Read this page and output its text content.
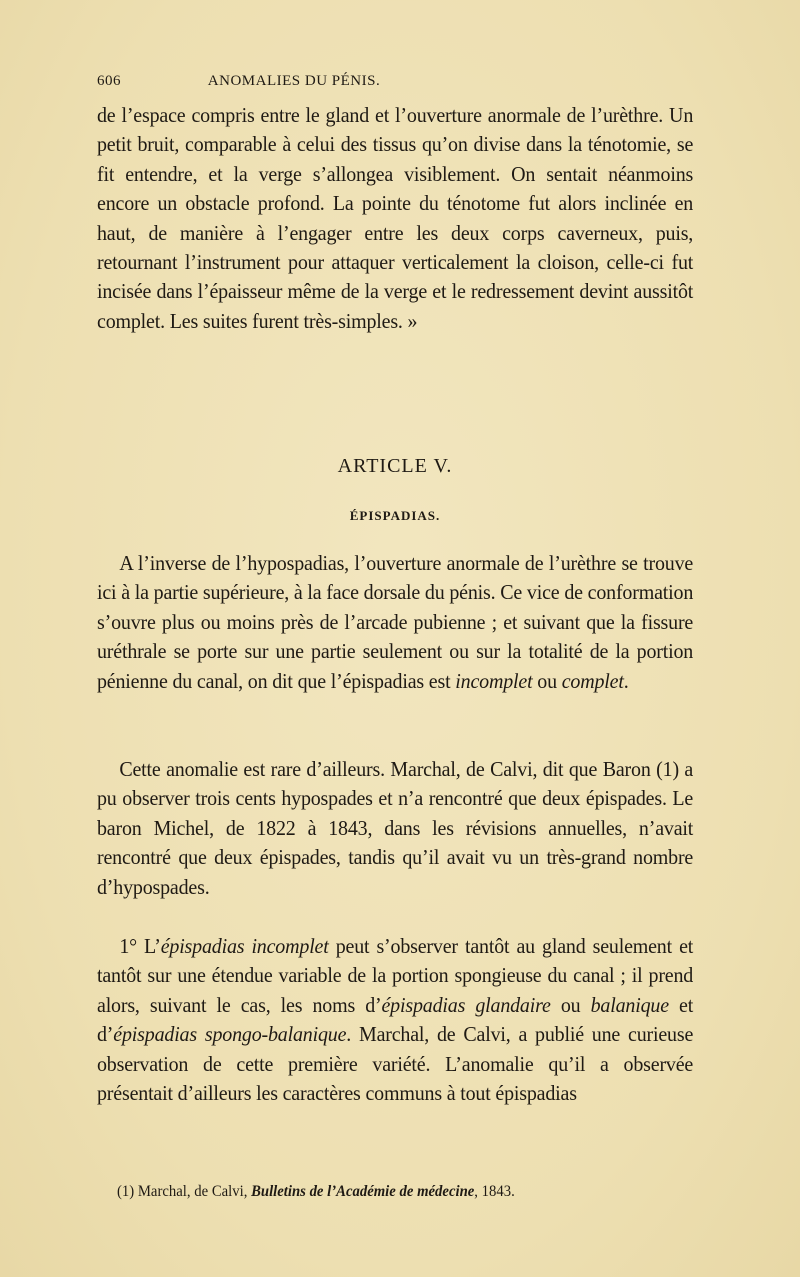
606	ANOMALIES DU PÉNIS.

de l’espace compris entre le gland et l’ouverture anormale de l’urèthre. Un petit bruit, comparable à celui des tissus qu’on divise dans la ténotomie, se fit entendre, et la verge s’allongea visiblement. On sentait néanmoins encore un obstacle profond. La pointe du ténotome fut alors inclinée en haut, de manière à l’engager entre les deux corps caverneux, puis, retournant l’instrument pour attaquer verticalement la cloison, celle-ci fut incisée dans l’épaisseur même de la verge et le redressement devint aussitôt complet. Les suites furent très-simples. »

ARTICLE V.
ÉPISPADIAS.

A l’inverse de l’hypospadias, l’ouverture anormale de l’urèthre se trouve ici à la partie supérieure, à la face dorsale du pénis. Ce vice de conformation s’ouvre plus ou moins près de l’arcade pubienne ; et suivant que la fissure uréthrale se porte sur une partie seulement ou sur la totalité de la portion pénienne du canal, on dit que l’épispadias est incomplet ou complet.

Cette anomalie est rare d’ailleurs. Marchal, de Calvi, dit que Baron (1) a pu observer trois cents hypospades et n’a rencontré que deux épispades. Le baron Michel, de 1822 à 1843, dans les révisions annuelles, n’avait rencontré que deux épispades, tandis qu’il avait vu un très-grand nombre d’hypospades.

1° L’épispadias incomplet peut s’observer tantôt au gland seulement et tantôt sur une étendue variable de la portion spongieuse du canal ; il prend alors, suivant le cas, les noms d’épispadias glandaire ou balanique et d’épispadias spongo-balanique. Marchal, de Calvi, a publié une curieuse observation de cette première variété. L’anomalie qu’il a observée présentait d’ailleurs les caractères communs à tout épispadias

(1) Marchal, de Calvi, Bulletins de l’Académie de médecine, 1843.
